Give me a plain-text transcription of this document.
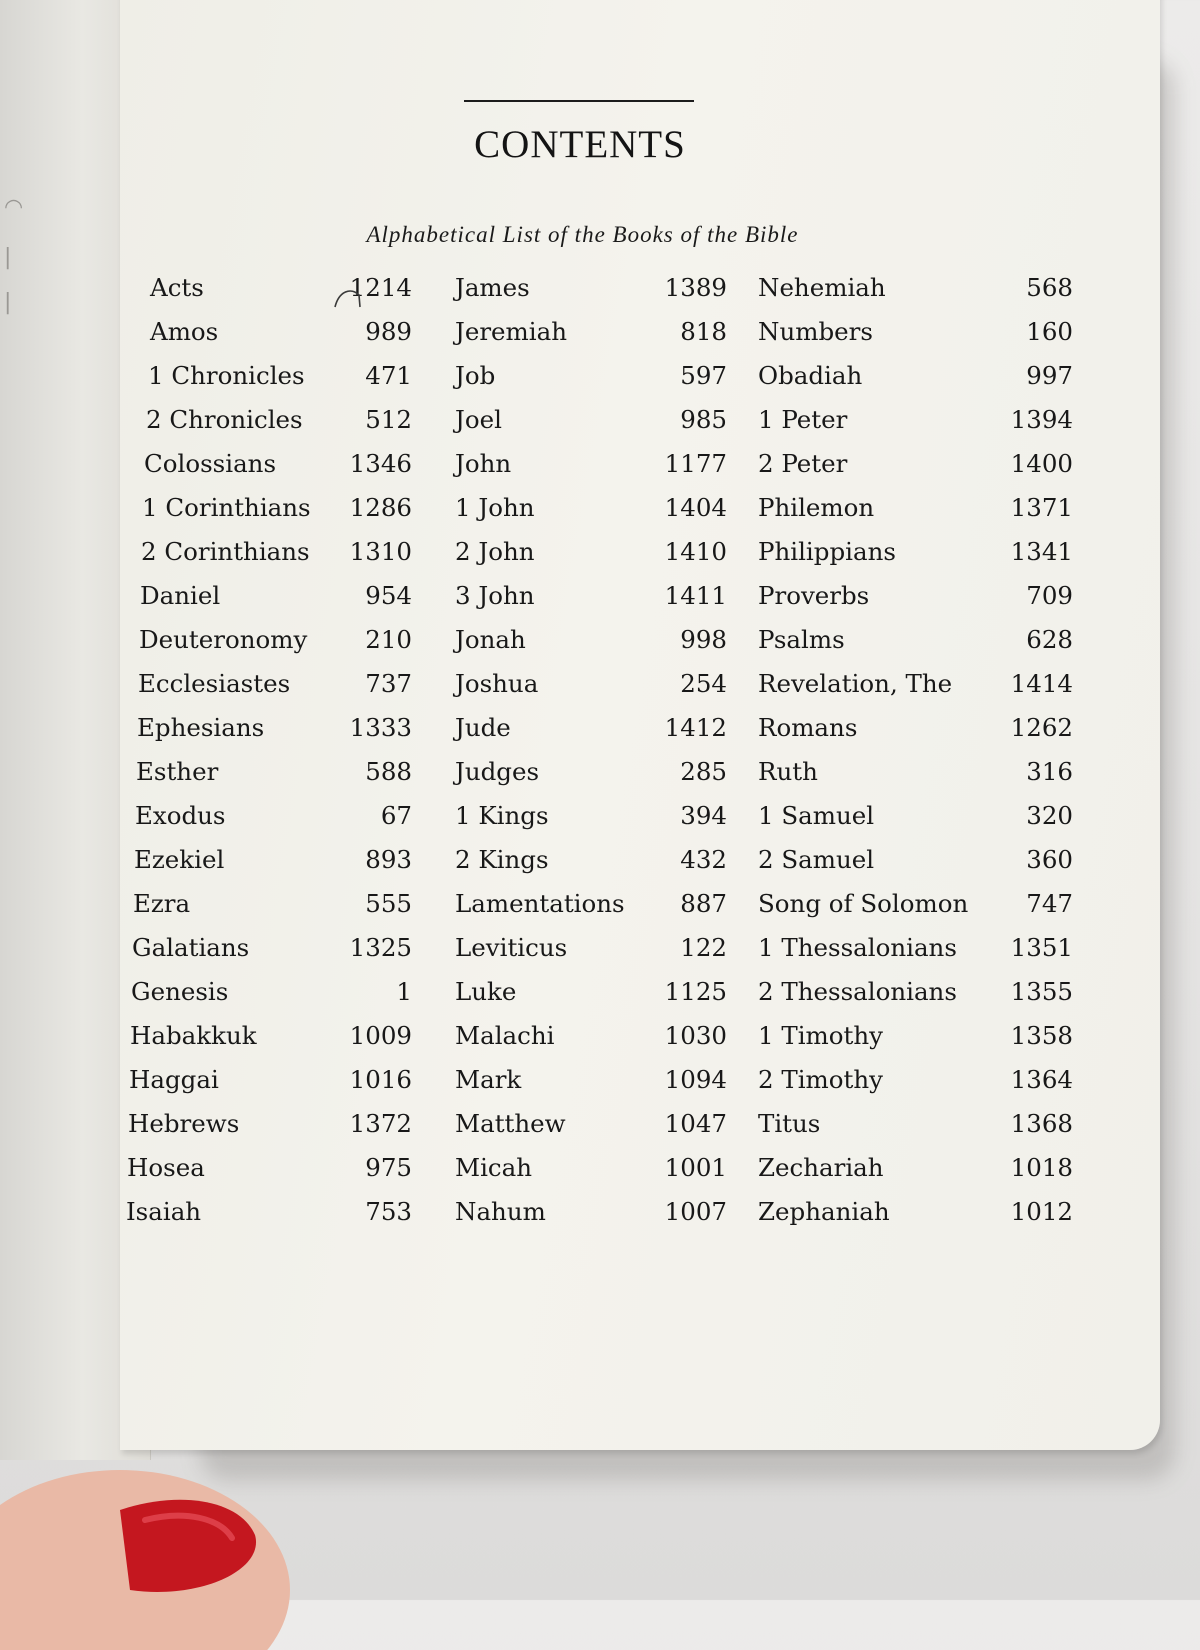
◠
|
|
CONTENTS
Alphabetical List of the Books of the Bible
Acts	1214
Amos	989
1 Chronicles 471
2 Chronicles	512
Colossians	1346
1 Corinthians 1286
2 Corinthians 1310
Daniel	954
Deuteronomy 210
Ecclesiastes	737
Ephesians	1333
Esther	588
Exodus	67
Ezekiel	893
Ezra	555
Galatians	1325
Genesis	1
Habakkuk	1009
Haggai	1016
Hebrews	1372
Hosea	975
Isaiah	753
James	1389
Jeremiah	818
Job	597
Joel	985
John	1177
1 John	1404
2 John	1410
3 John	1411
Jonah	998
Joshua	254
Jude	1412
Judges	285
1 Kings	394
2 Kings	432
Lamentations 887
Leviticus	122
Luke	1125
Malachi	1030
Mark	1094
Matthew	1047
Micah	1001
Nahum	1007
Nehemiah	568
Numbers	160
Obadiah	997
1 Peter	1394
2 Peter	1400
Philemon	1371
Philippians	1341
Proverbs	709
Psalms	628
Revelation, The 1414
Romans	1262
Ruth	316
1 Samuel	320
2 Samuel	360
Song of Solomon 747
1 Thessalonians 1351
2 Thessalonians 1355
1 Timothy	1358
2 Timothy	1364
Titus	1368
Zechariah	1018
Zephaniah	1012
